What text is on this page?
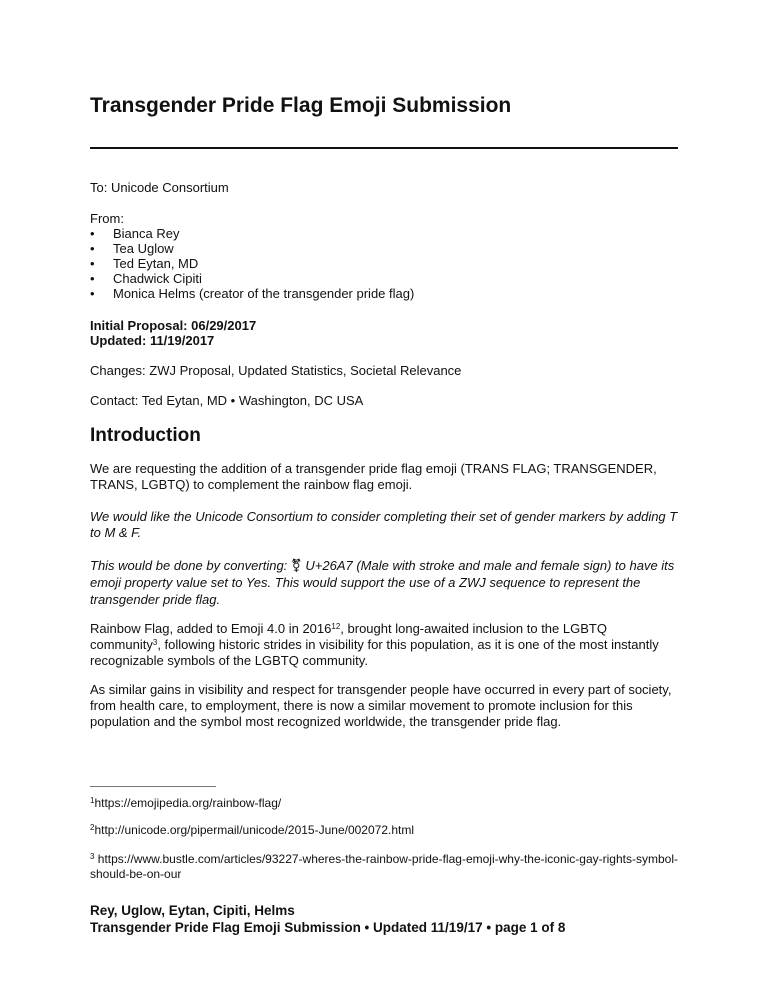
Transgender Pride Flag Emoji Submission
To: Unicode Consortium
From:
• Bianca Rey
• Tea Uglow
• Ted Eytan, MD
• Chadwick Cipiti
• Monica Helms (creator of the transgender pride flag)
Initial Proposal: 06/29/2017
Updated: 11/19/2017
Changes: ZWJ Proposal, Updated Statistics, Societal Relevance
Contact: Ted Eytan, MD • Washington, DC USA
Introduction
We are requesting the addition of a transgender pride flag emoji (TRANS FLAG; TRANSGENDER, TRANS, LGBTQ) to complement the rainbow flag emoji.
We would like the Unicode Consortium to consider completing their set of gender markers by adding T to M & F.
This would be done by converting: ⚧ U+26A7 (Male with stroke and male and female sign) to have its emoji property value set to Yes. This would support the use of a ZWJ sequence to represent the transgender pride flag.
Rainbow Flag, added to Emoji 4.0 in 2016$^{12}$, brought long-awaited inclusion to the LGBTQ community$^3$, following historic strides in visibility for this population, as it is one of the most instantly recognizable symbols of the LGBTQ community.
As similar gains in visibility and respect for transgender people have occurred in every part of society, from health care, to employment, there is now a similar movement to promote inclusion for this population and the symbol most recognized worldwide, the transgender pride flag.
$^1$https://emojipedia.org/rainbow-flag/
$^2$http://unicode.org/pipermail/unicode/2015-June/002072.html
$^3$ https://www.bustle.com/articles/93227-wheres-the-rainbow-pride-flag-emoji-why-the-iconic-gay-rights-symbol-should-be-on-our
Rey, Uglow, Eytan, Cipiti, Helms
Transgender Pride Flag Emoji Submission • Updated 11/19/17 • page 1 of 8
